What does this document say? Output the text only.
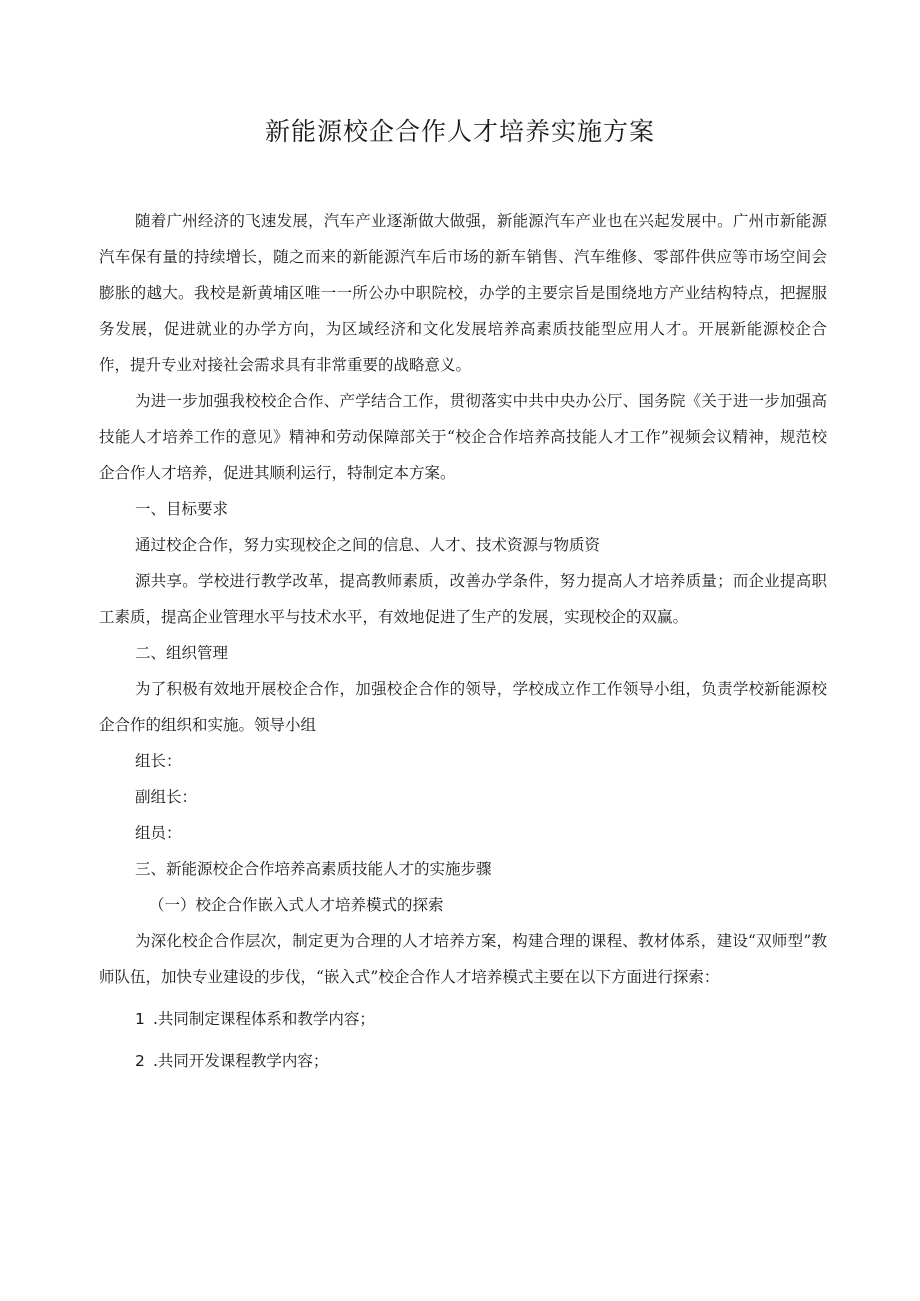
新能源校企合作人才培养实施方案

随着广州经济的飞速发展，汽车产业逐渐做大做强，新能源汽车产业也在兴起发展中。广州市新能源汽车保有量的持续增长，随之而来的新能源汽车后市场的新车销售、汽车维修、零部件供应等市场空间会膨胀的越大。我校是新黄埔区唯一一所公办中职院校，办学的主要宗旨是围绕地方产业结构特点，把握服务发展，促进就业的办学方向，为区域经济和文化发展培养高素质技能型应用人才。开展新能源校企合作，提升专业对接社会需求具有非常重要的战略意义。

为进一步加强我校校企合作、产学结合工作，贯彻落实中共中央办公厅、国务院《关于进一步加强高技能人才培养工作的意见》精神和劳动保障部关于“校企合作培养高技能人才工作”视频会议精神，规范校企合作人才培养，促进其顺利运行，特制定本方案。

一、目标要求

通过校企合作，努力实现校企之间的信息、人才、技术资源与物质资

源共享。学校进行教学改革，提高教师素质，改善办学条件，努力提高人才培养质量；而企业提高职工素质，提高企业管理水平与技术水平，有效地促进了生产的发展，实现校企的双赢。

二、组织管理

为了积极有效地开展校企合作，加强校企合作的领导，学校成立作工作领导小组，负责学校新能源校企合作的组织和实施。领导小组

组长：

副组长：

组员：

三、新能源校企合作培养高素质技能人才的实施步骤

（一）校企合作嵌入式人才培养模式的探索

为深化校企合作层次，制定更为合理的人才培养方案，构建合理的课程、教材体系，建设“双师型”教师队伍，加快专业建设的步伐，“嵌入式”校企合作人才培养模式主要在以下方面进行探索：

1 .共同制定课程体系和教学内容；
2 .共同开发课程教学内容；
